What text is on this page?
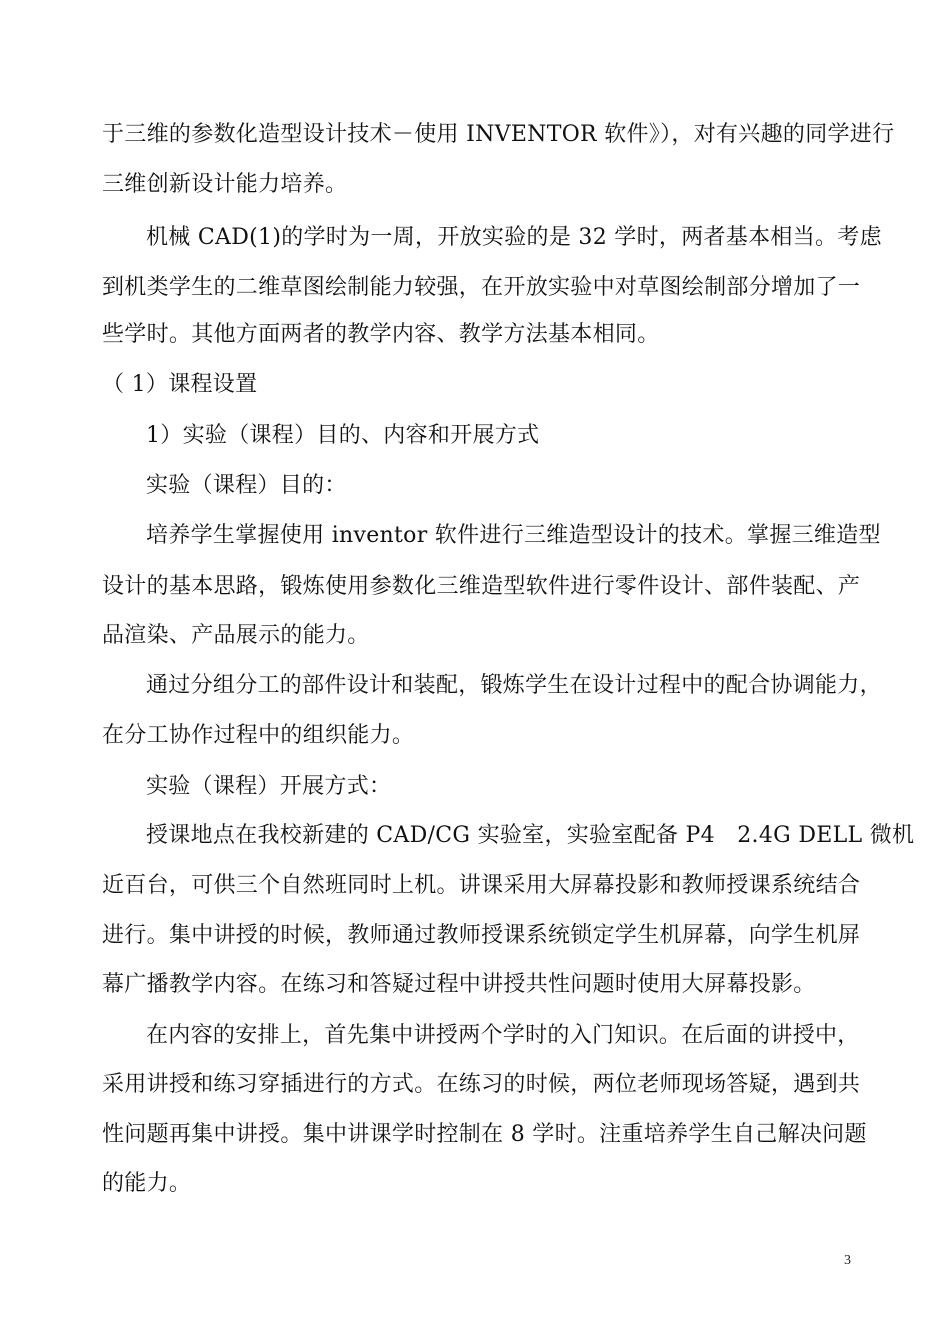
于三维的参数化造型设计技术－使用 INVENTOR 软件》），对有兴趣的同学进行
三维创新设计能力培养。
机械 CAD(1)的学时为一周，开放实验的是 32 学时，两者基本相当。考虑
到机类学生的二维草图绘制能力较强，在开放实验中对草图绘制部分增加了一
些学时。其他方面两者的教学内容、教学方法基本相同。
（ 1）课程设置
1）实验（课程）目的、内容和开展方式
实验（课程）目的：
培养学生掌握使用 inventor 软件进行三维造型设计的技术。掌握三维造型
设计的基本思路，锻炼使用参数化三维造型软件进行零件设计、部件装配、产
品渲染、产品展示的能力。
通过分组分工的部件设计和装配，锻炼学生在设计过程中的配合协调能力，
在分工协作过程中的组织能力。
实验（课程）开展方式：
授课地点在我校新建的 CAD/CG 实验室，实验室配备 P4　2.4G DELL 微机
近百台，可供三个自然班同时上机。讲课采用大屏幕投影和教师授课系统结合
进行。集中讲授的时候，教师通过教师授课系统锁定学生机屏幕，向学生机屏
幕广播教学内容。在练习和答疑过程中讲授共性问题时使用大屏幕投影。
在内容的安排上，首先集中讲授两个学时的入门知识。在后面的讲授中，
采用讲授和练习穿插进行的方式。在练习的时候，两位老师现场答疑，遇到共
性问题再集中讲授。集中讲课学时控制在 8 学时。注重培养学生自己解决问题
的能力。
3
